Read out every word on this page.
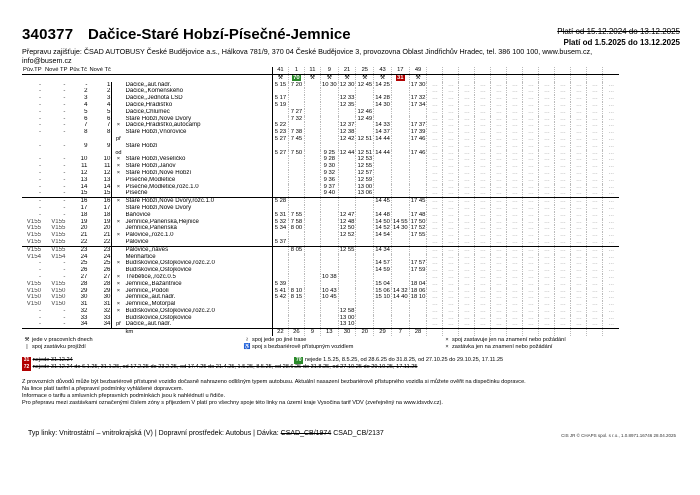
340377 Dačice-Staré Hobzí-Písečné-Jemnice	Platí od 15.12.2024 do 13.12.2025
Platí od 1.5.2025 do 13.12.2025
Přepravu zajišťuje: ČSAD AUTOBUSY České Budějovice a.s., Hálkova 781/9, 370 04 České Budějovice 3, provozovna Oblast Jindřichův Hradec, tel. 386 100 100, www.busem.cz,
info@busem.cz
Pův.TP	Nové TP	Pův.Tč	Nové Tč			41	1	11	9	21	25	43	17	49												
						⚒	70	⚒	⚒	⚒	⚒	⚒	31	⚒												
-	-	-	1		Dačice,,aut.nádr.	5 15	7 20		10 30	12 30	12 45	14 25		17 30	…	…	…	…	…	…	…	…	…	…	…	…
-	-	2	2		Dačice,,Komenského										…	…	…	…	…	…	…	…	…	…	…	…
-	-	3	3		Dačice,,Jednota LSD	5 17				12 33		14 28		17 32	…	…	…	…	…	…	…	…	…	…	…	…
-	-	4	4		Dačice,Hradišťko	5 19				12 35		14 30		17 34	…	…	…	…	…	…	…	…	…	…	…	…
-	-	5	5		Dačice,Chlumec		7 27				12 46				…	…	…	…	…	…	…	…	…	…	…	…
-	-	6	6		Staré Hobzí,Nové Dvory		7 32				12 49				…	…	…	…	…	…	…	…	…	…	…	…
-	-	7	7	×	Dačice,Hradišťko,autocamp	5 22				12 37		14 33		17 37	…	…	…	…	…	…	…	…	…	…	…	…
-	-	8	8		Staré Hobzí,Vnorovice	5 23	7 38			12 38		14 37		17 39	…	…	…	…	…	…	…	…	…	…	…	…
				př		5 27	7 45			12 42	12 51	14 44		17 46	…	…	…	…	…	…	…	…	…	…	…	…
-	-	9	9		Staré Hobzí										…	…	…	…	…	…	…	…	…	…	…	…
				od		5 27	7 50		9 25	12 44	12 51	14 44		17 46	…	…	…	…	…	…	…	…	…	…	…	…
-	-	10	10	×	Staré Hobzí,Veselíčko				9 28		12 53				…	…	…	…	…	…	…	…	…	…	…	…
-	-	11	11	×	Staré Hobzí,Janov				9 30		12 55				…	…	…	…	…	…	…	…	…	…	…	…
-	-	12	12	×	Staré Hobzí,Nové Hobzí				9 32		12 57				…	…	…	…	…	…	…	…	…	…	…	…
-	-	13	13		Písečné,Modletice				9 36		12 59				…	…	…	…	…	…	…	…	…	…	…	…
-	-	14	14	×	Písečné,Modletice,rozc.1.0				9 37		13 00				…	…	…	…	…	…	…	…	…	…	…	…
-	-	15	15		Písečné				9 40		13 06				…	…	…	…	…	…	…	…	…	…	…	…
-	-	16	16	×	Staré Hobzí,Nové Dvory,rozc.1.0	5 28						14 45		17 45	…	…	…	…	…	…	…	…	…	…	…	…
-	-	17	17		Staré Hobzí,Nové Dvory										…	…	…	…	…	…	…	…	…	…	…	…
-	-	18	18		Báňovice	5 31	7 55			12 47		14 48		17 48	…	…	…	…	…	…	…	…	…	…	…	…
V155	V155	19	19	×	Jemnice,Panenská,Hejnice	5 32	7 58			12 48		14 50	14 55	17 50	…	…	…	…	…	…	…	…	…	…	…	…
V155	V155	20	20		Jemnice,Panenská	5 34	8 00			12 50		14 52	14 30	17 52	…	…	…	…	…	…	…	…	…	…	…	…
V155	V155	21	21	×	Pálovice,,rozc.1.0					12 52		14 54		17 55	…	…	…	…	…	…	…	…	…	…	…	…
V155	V155	22	22		Pálovice	5 37									…	…	…	…	…	…	…	…	…	…	…	…
V155	V155	23	23		Pálovice,,náves		8 05			12 55		14 34			…	…	…	…	…	…	…	…	…	…	…	…
V154	V154	24	24		Menhartice										…	…	…	…	…	…	…	…	…	…	…	…
-	-	25	25	×	Budíškovice,Ostojkovice,rozc.2.0							14 57		17 57	…	…	…	…	…	…	…	…	…	…	…	…
-	-	26	26		Budíškovice,Ostojkovice							14 59		17 59	…	…	…	…	…	…	…	…	…	…	…	…
-	-	27	27	×	Třebětice,,rozc.0.5				10 38						…	…	…	…	…	…	…	…	…	…	…	…
V155	V155	28	28	×	Jemnice,,Bažantnice	5 39						15 04		18 04	…	…	…	…	…	…	…	…	…	…	…	…
V150	V150	29	29	×	Jemnice,,Podolí	5 41	8 10		10 43			15 06	14 32	18 06	…	…	…	…	…	…	…	…	…	…	…	…
V150	V150	30	30		Jemnice,,aut.nádr.	5 42	8 15		10 45			15 10	14 40	18 10	…	…	…	…	…	…	…	…	…	…	…	…
V150	V150	31	31	×	Jemnice,,Motorpal										…	…	…	…	…	…	…	…	…	…	…	…
-	-	32	32	×	Budíškovice,Ostojkovice,rozc.2.0					12 58					…	…	…	…	…	…	…	…	…	…	…	…
-	-	33	33		Budíškovice,Ostojkovice					13 00					…	…	…	…	…	…	…	…	…	…	…	…
-	-	34	34	př	Dačice,,aut.nádr.					13 10					…	…	…	…	…	…	…	…	…	…	…	…
					km	22	26	9	13	30	20	29	7	28												
⚒ jede v pracovních dnech
| spoj zastávku projíždí
≀ spoj jede po jiné trase
♿ spoj s bezbariérově přístupným vozidlem
× spoj zastavuje jen na znamení nebo požádání
× zastávka jen na znamení nebo požádání
31 nejede 31.12.24	70 nejede 1.5.25, 8.5.25, od 28.6.25 do 31.8.25, od 27.10.25 do 29.10.25, 17.11.25
72 nejede 31.12.24 do 6.1.25, 31.1.25, od 17.2.25 do 23.2.25, od 17.4.25 do 21.4.25, 1.5.25, 8.5.25, od 28.6.25 do 31.8.25, od 27.10.25 do 29.10.25, 17.11.25
Z provozních důvodů může být bezbariérově přístupné vozidlo dočasně nahrazeno odlišným typem autobusu. Aktuální nasazení bezbariérově přístupného vozidla si můžete ověřit na dispečinku dopravce.
Na lince platí tarifní a přepravní podmínky vyhlášené dopravcem.
Informace o tarifu a smluvních přepravních podmínkách jsou k nahlédnutí u řidiče.
Pro přepravu mezi zastávkami označenými číslem zóny s přijezdem V platí pro všechny spoje této linky na území kraje Vysočina tarif VDV (zveřejněný na www.idsvdv.cz).
Typ linky: Vnitrostátní – vnitrokrajská (V) | Dopravní prostředek: Autobus | Dávka: CSAD_CB/1974 CSAD_CB/2137	CIS JR © CHAPS spol. s r.o., 1.0.8971.16746 28.04.2025
